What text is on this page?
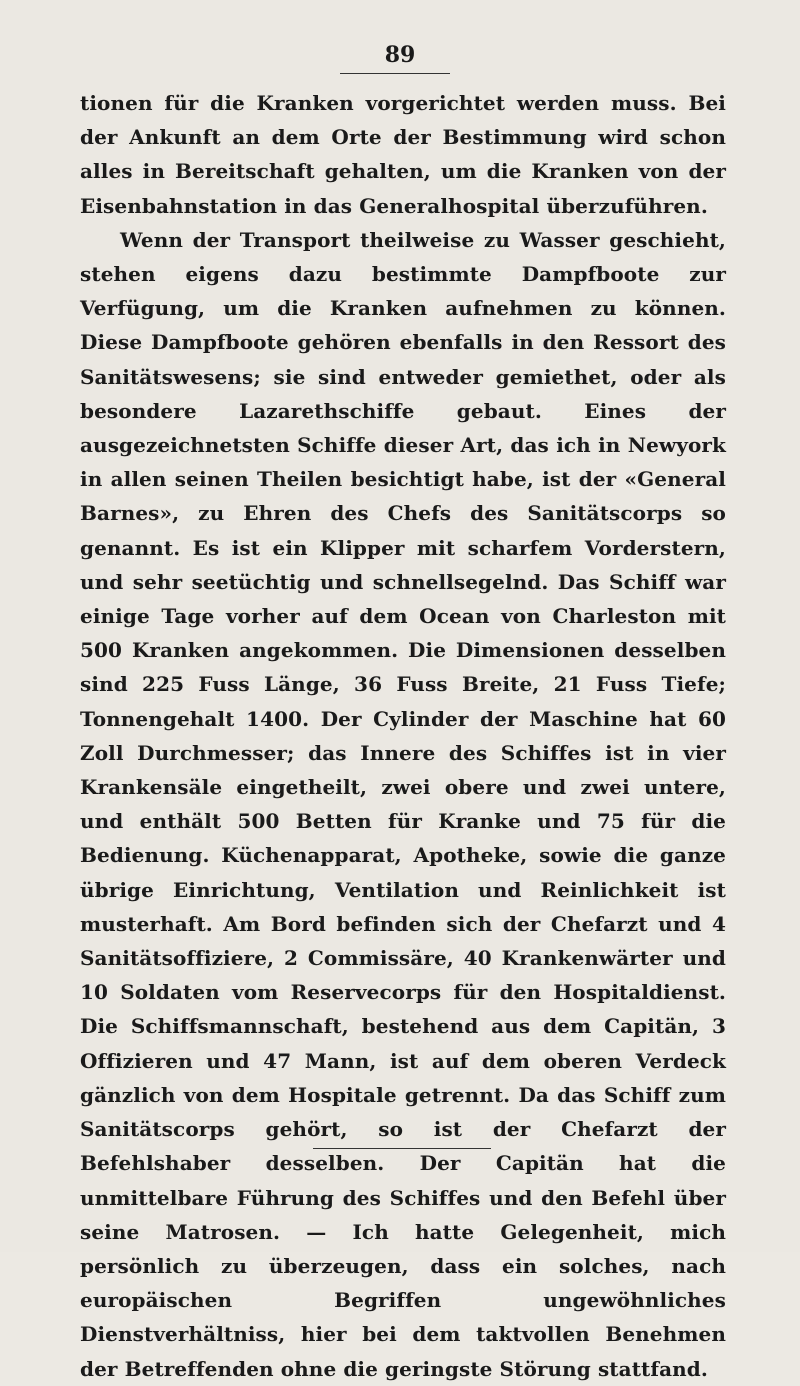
89

tionen für die Kranken vorgerichtet werden muss. Bei der Ankunft an dem Orte der Bestimmung wird schon alles in Bereitschaft gehalten, um die Kranken von der Eisenbahnstation in das Generalhospital überzuführen.

Wenn der Transport theilweise zu Wasser geschieht, stehen eigens dazu bestimmte Dampfboote zur Verfügung, um die Kranken aufnehmen zu können. Diese Dampfboote gehören ebenfalls in den Ressort des Sanitätswesens; sie sind entweder gemiethet, oder als besondere Lazarethschiffe gebaut. Eines der ausgezeichnetsten Schiffe dieser Art, das ich in Newyork in allen seinen Theilen besichtigt habe, ist der «General Barnes», zu Ehren des Chefs des Sanitätscorps so genannt. Es ist ein Klipper mit scharfem Vorderstern, und sehr seetüchtig und schnellsegelnd. Das Schiff war einige Tage vorher auf dem Ocean von Charleston mit 500 Kranken angekommen. Die Dimensionen desselben sind 225 Fuss Länge, 36 Fuss Breite, 21 Fuss Tiefe; Tonnengehalt 1400. Der Cylinder der Maschine hat 60 Zoll Durchmesser; das Innere des Schiffes ist in vier Krankensäle eingetheilt, zwei obere und zwei untere, und enthält 500 Betten für Kranke und 75 für die Bedienung. Küchenapparat, Apotheke, sowie die ganze übrige Einrichtung, Ventilation und Reinlichkeit ist musterhaft. Am Bord befinden sich der Chefarzt und 4 Sanitätsoffiziere, 2 Commissäre, 40 Krankenwärter und 10 Soldaten vom Reservecorps für den Hospitaldienst. Die Schiffsmannschaft, bestehend aus dem Capitän, 3 Offizieren und 47 Mann, ist auf dem oberen Verdeck gänzlich von dem Hospitale getrennt. Da das Schiff zum Sanitätscorps gehört, so ist der Chefarzt der Befehlshaber desselben. Der Capitän hat die unmittelbare Führung des Schiffes und den Befehl über seine Matrosen. — Ich hatte Gelegenheit, mich persönlich zu überzeugen, dass ein solches, nach europäischen Begriffen ungewöhnliches Dienstverhältniss, hier bei dem taktvollen Benehmen der Betreffenden ohne die geringste Störung stattfand.
